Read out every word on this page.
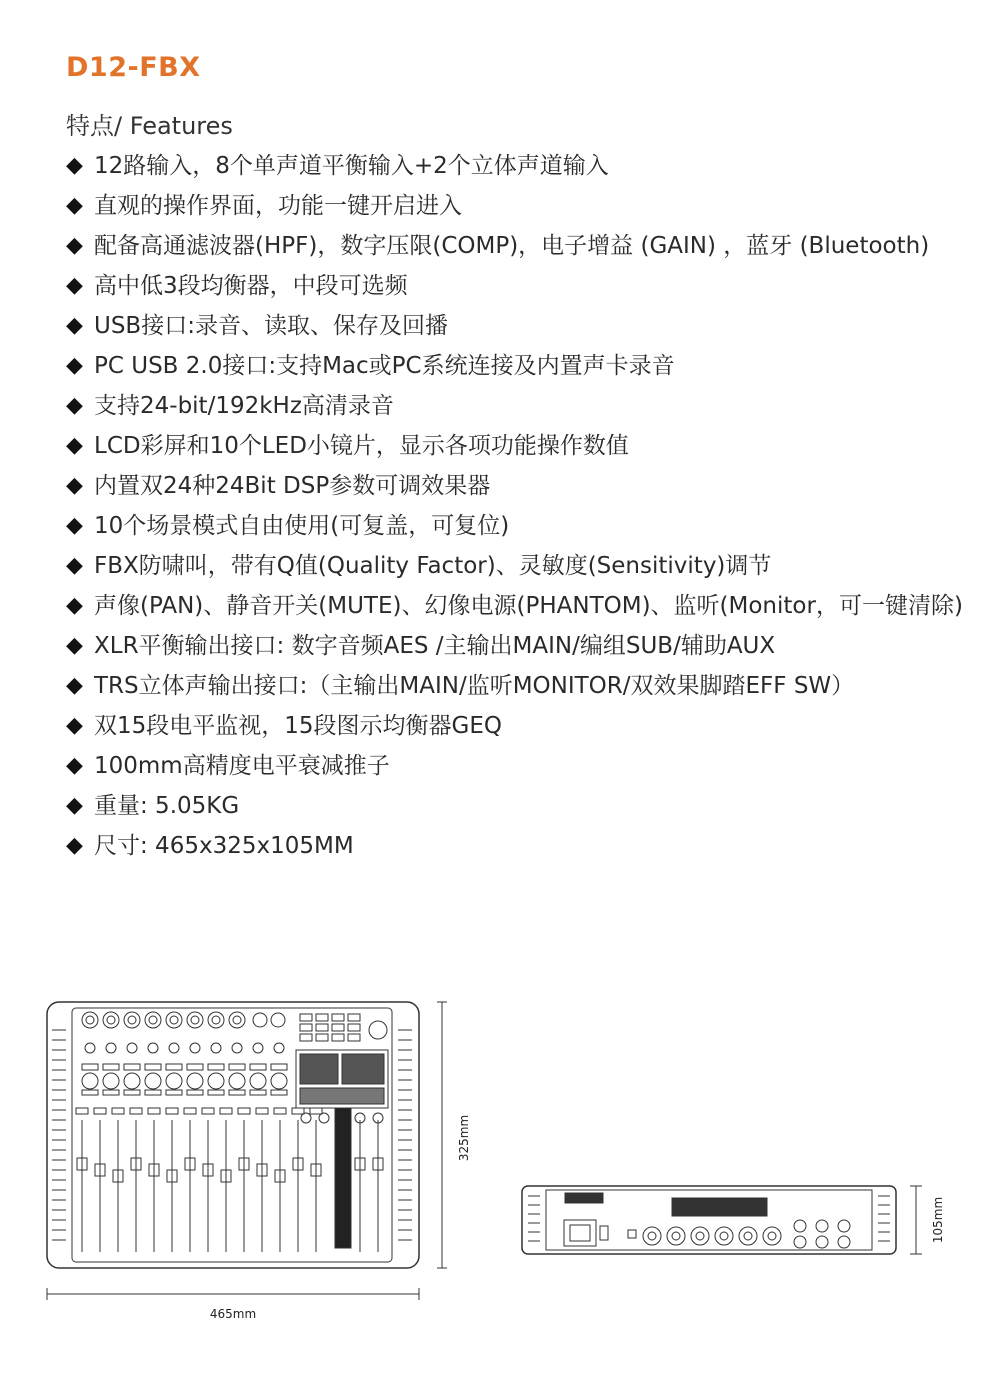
D12-FBX
特点/ Features
◆ 12路输入，8个单声道平衡输入+2个立体声道输入
◆ 直观的操作界面，功能一键开启进入
◆ 配备高通滤波器(HPF)，数字压限(COMP)，电子增益 (GAIN) ，蓝牙 (Bluetooth)
◆ 高中低3段均衡器，中段可选频
◆ USB接口:录音、读取、保存及回播
◆ PC USB 2.0接口:支持Mac或PC系统连接及内置声卡录音
◆ 支持24-bit/192kHz高清录音
◆ LCD彩屏和10个LED小镜片，显示各项功能操作数值
◆ 内置双24种24Bit DSP参数可调效果器
◆ 10个场景模式自由使用(可复盖，可复位)
◆ FBX防啸叫，带有Q值(Quality Factor)、灵敏度(Sensitivity)调节
◆ 声像(PAN)、静音开关(MUTE)、幻像电源(PHANTOM)、监听(Monitor，可一键清除)
◆ XLR平衡输出接口: 数字音频AES /主输出MAIN/编组SUB/辅助AUX
◆ TRS立体声输出接口:（主输出MAIN/监听MONITOR/双效果脚踏EFF SW）
◆ 双15段电平监视，15段图示均衡器GEQ
◆ 100mm高精度电平衰减推子
◆ 重量: 5.05KG
◆ 尺寸: 465x325x105MM
325mm
465mm
105mm
